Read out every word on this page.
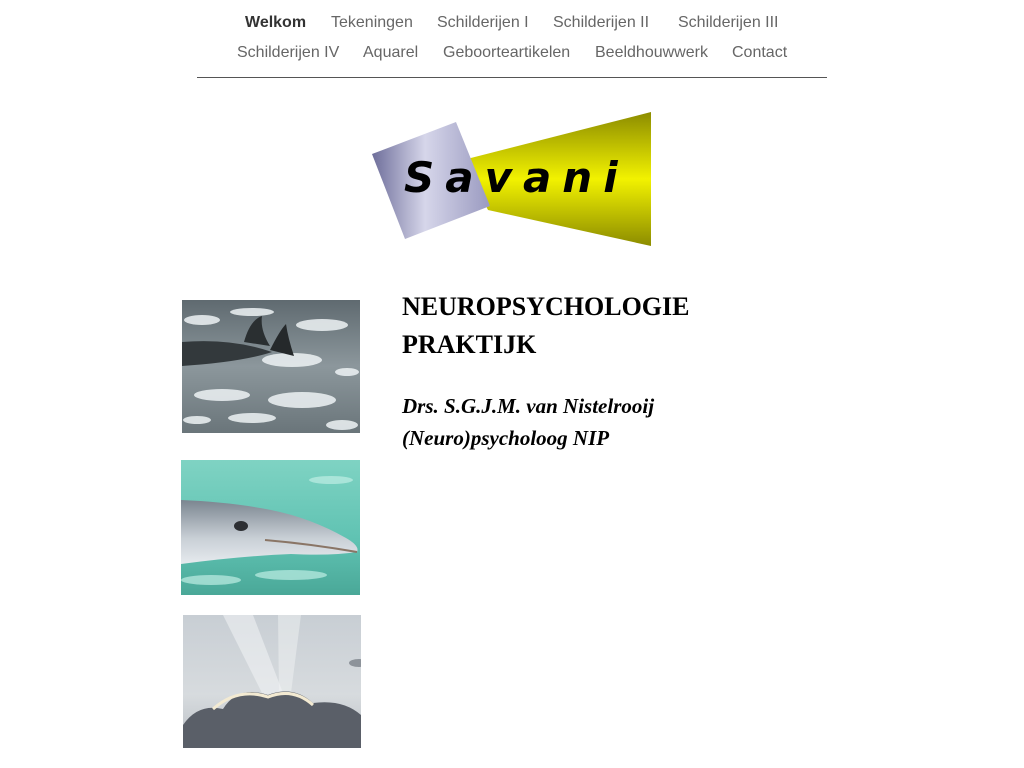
Welkom Tekeningen Schilderijen I Schilderijen II Schilderijen III
Schilderijen IV Aquarel Geboorteartikelen Beeldhouwwerk Contact
Savani
NEUROPSYCHOLOGIE
PRAKTIJK
Drs. S.G.J.M. van Nistelrooij
(Neuro)psycholoog NIP
